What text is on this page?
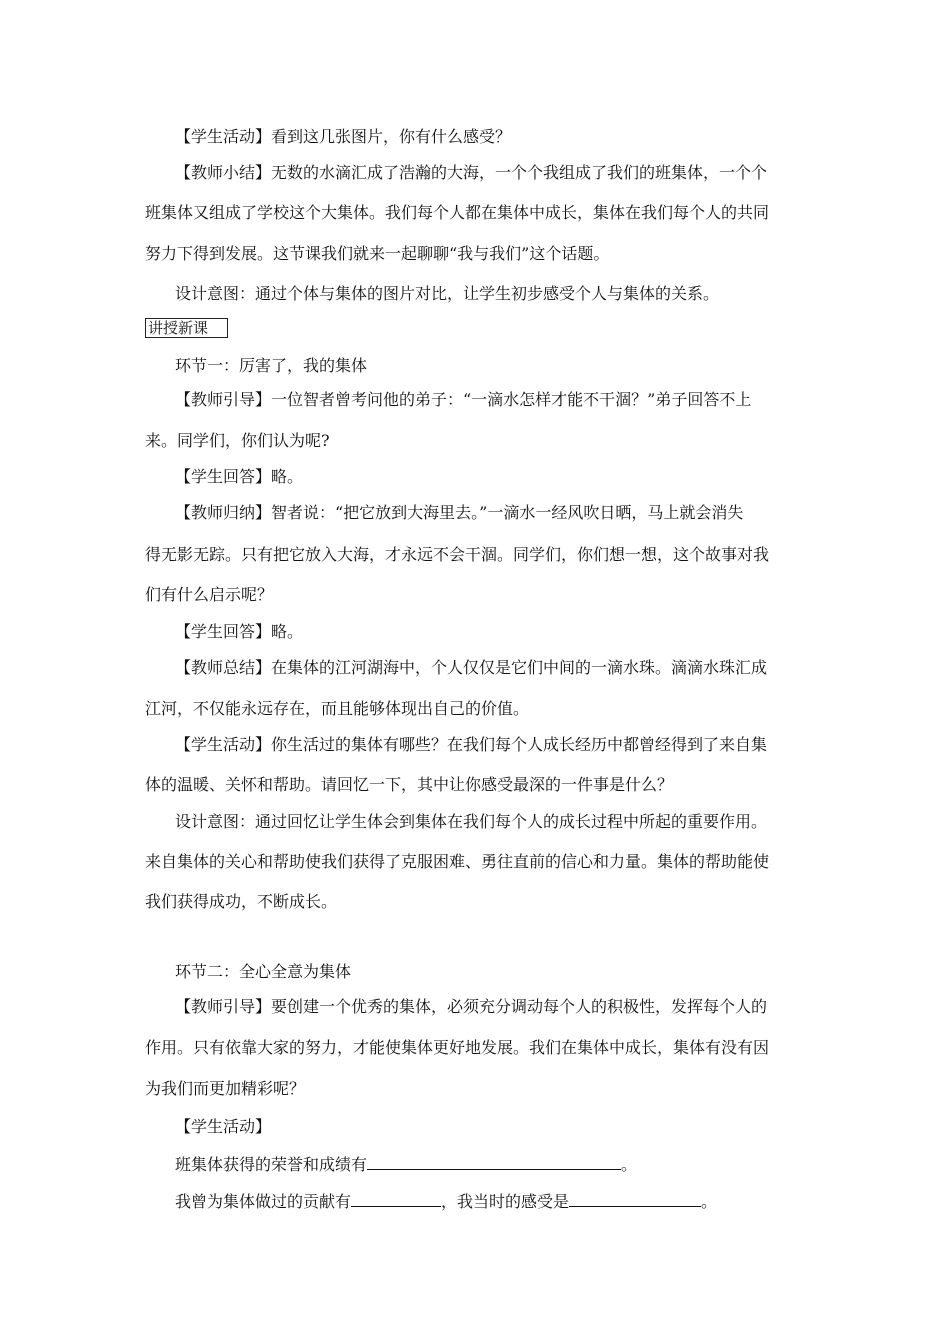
【学生活动】看到这几张图片，你有什么感受？
【教师小结】无数的水滴汇成了浩瀚的大海，一个个我组成了我们的班集体，一个个
班集体又组成了学校这个大集体。我们每个人都在集体中成长，集体在我们每个人的共同
努力下得到发展。这节课我们就来一起聊聊“我与我们”这个话题。
设计意图：通过个体与集体的图片对比，让学生初步感受个人与集体的关系。
讲授新课
环节一：厉害了，我的集体
【教师引导】一位智者曾考问他的弟子：“一滴水怎样才能不干涸？”弟子回答不上
来。同学们，你们认为呢?
【学生回答】略。
【教师归纳】智者说：“把它放到大海里去。”一滴水一经风吹日晒，马上就会消失
得无影无踪。只有把它放入大海，才永远不会干涸。同学们，你们想一想，这个故事对我
们有什么启示呢？
【学生回答】略。
【教师总结】在集体的江河湖海中，个人仅仅是它们中间的一滴水珠。滴滴水珠汇成
江河，不仅能永远存在，而且能够体现出自己的价值。
【学生活动】你生活过的集体有哪些？在我们每个人成长经历中都曾经得到了来自集
体的温暖、关怀和帮助。请回忆一下，其中让你感受最深的一件事是什么？
设计意图：通过回忆让学生体会到集体在我们每个人的成长过程中所起的重要作用。
来自集体的关心和帮助使我们获得了克服困难、勇往直前的信心和力量。集体的帮助能使
我们获得成功，不断成长。
环节二：全心全意为集体
【教师引导】要创建一个优秀的集体，必须充分调动每个人的积极性，发挥每个人的
作用。只有依靠大家的努力，才能使集体更好地发展。我们在集体中成长，集体有没有因
为我们而更加精彩呢？
【学生活动】
班集体获得的荣誉和成绩有	。
我曾为集体做过的贡献有	，我当时的感受是	。
